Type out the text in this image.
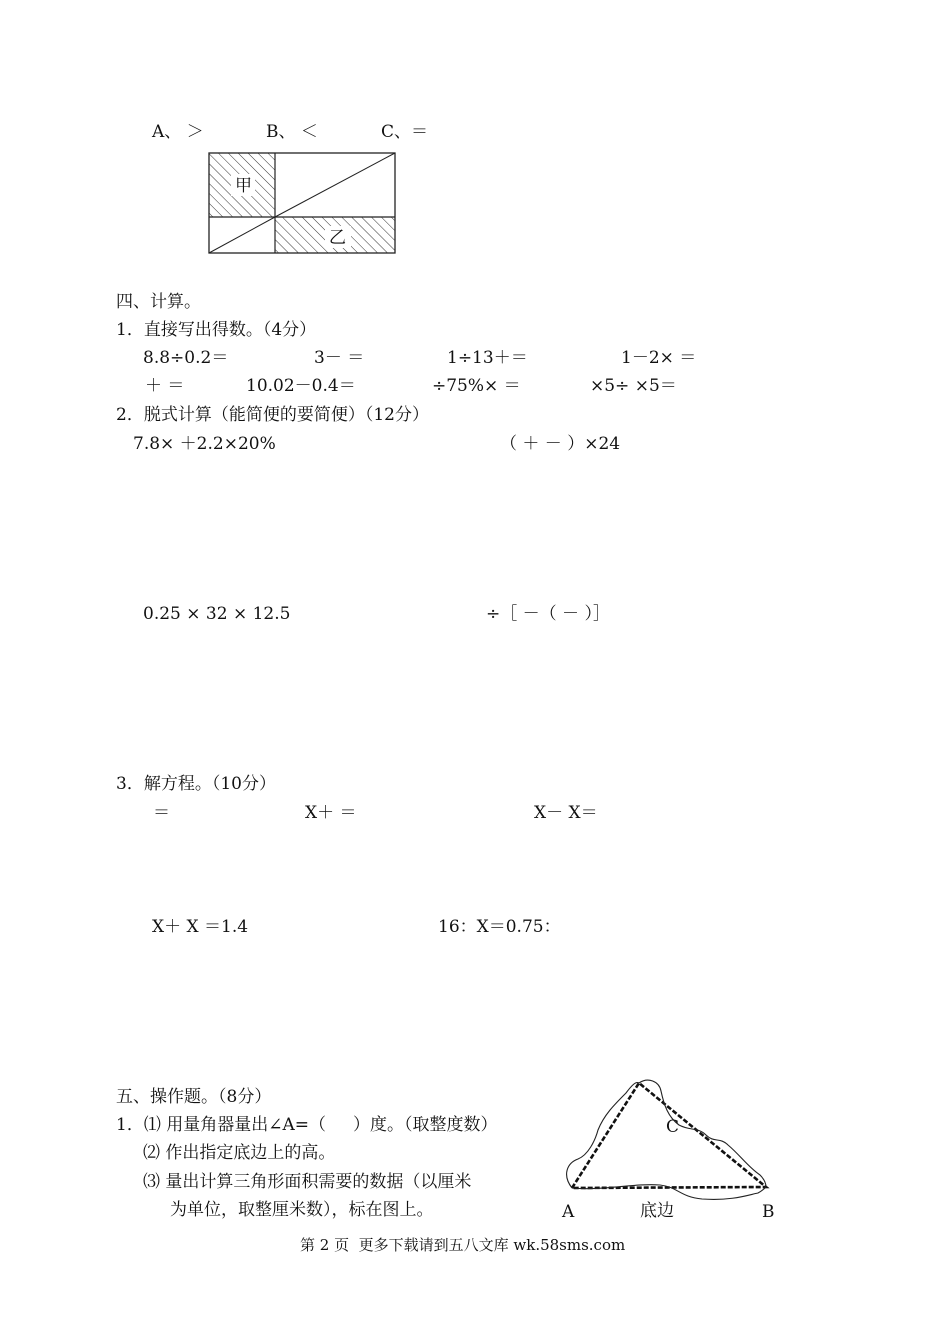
A、 ＞	B、 ＜	C、＝
甲
乙
四、计算。
1．直接写出得数。（4分）
8.8÷0.2＝	3－ ＝	1÷13＋＝	1－2× ＝
＋ ＝	10.02－0.4＝	÷75%× ＝	×5÷ ×5＝
2．脱式计算（能简便的要简便）（12分）
7.8× ＋2.2×20%	（ ＋ － ）×24
0.25 × 32 × 12.5	÷［ －（ － ）］
3．解方程。（10分）
＝	X＋ ＝	X－ X＝
X＋ X ＝1.4	16：X＝0.75：
五、操作题。（8分）
1．⑴ 用量角器量出∠A=（     ）度。（取整度数）
⑵ 作出指定底边上的高。
⑶ 量出计算三角形面积需要的数据（以厘米
为单位，取整厘米数），标在图上。
C
A	底边	B
第 2 页  更多下载请到五八文库 wk.58sms.com
